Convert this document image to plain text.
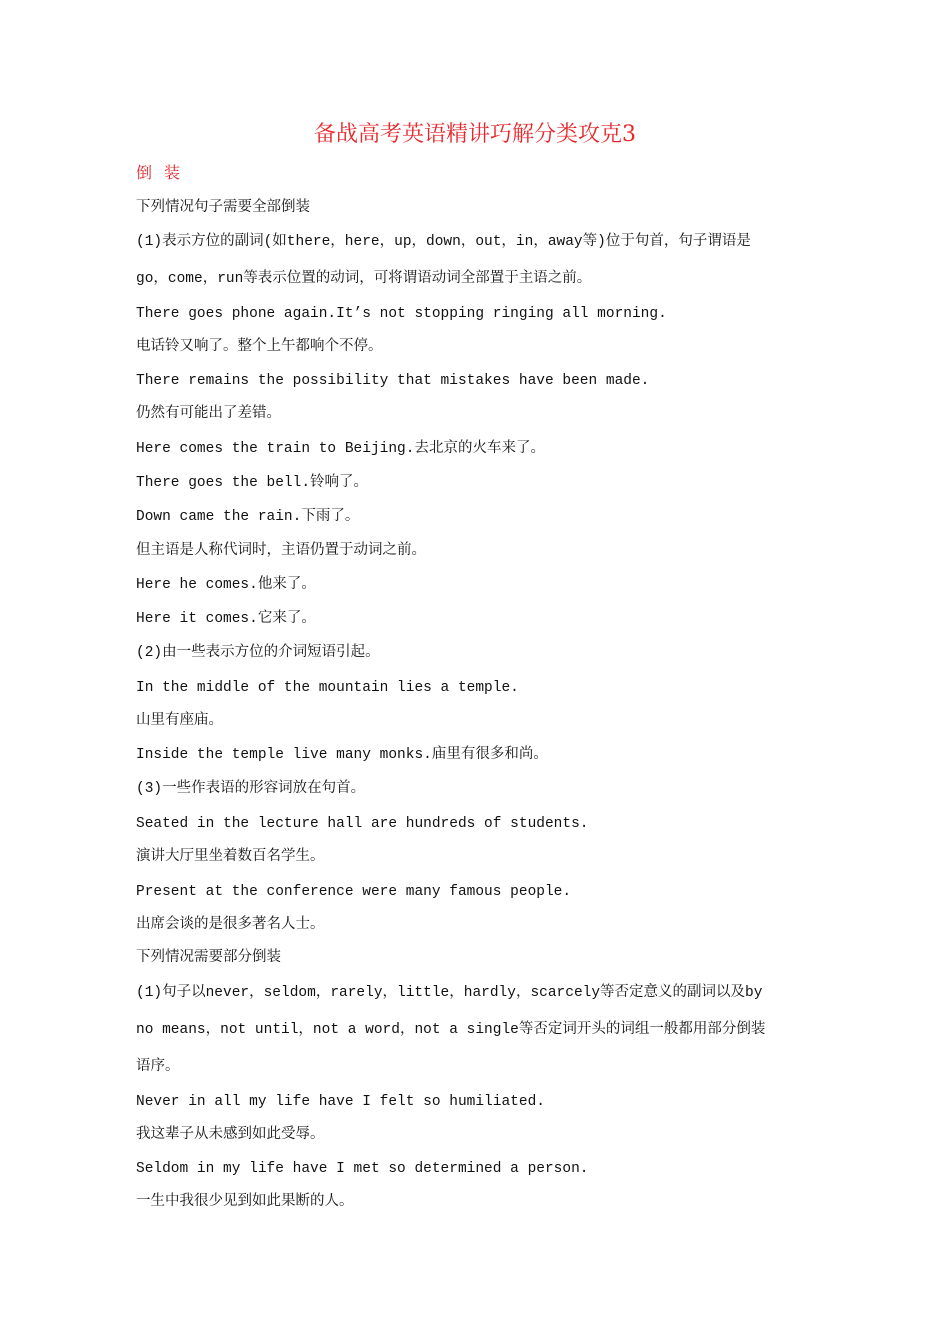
备战高考英语精讲巧解分类攻克3
倒装
下列情况句子需要全部倒装
(1)表示方位的副词(如there，here，up，down，out，in，away等)位于句首，句子谓语是
go，come，run等表示位置的动词，可将谓语动词全部置于主语之前。
There goes phone again.It’s not stopping ringing all morning.
电话铃又响了。整个上午都响个不停。
There remains the possibility that mistakes have been made.
仍然有可能出了差错。
Here comes the train to Beijing.去北京的火车来了。
There goes the bell.铃响了。
Down came the rain.下雨了。
但主语是人称代词时，主语仍置于动词之前。
Here he comes.他来了。
Here it comes.它来了。
(2)由一些表示方位的介词短语引起。
In the middle of the mountain lies a temple.
山里有座庙。
Inside the temple live many monks.庙里有很多和尚。
(3)一些作表语的形容词放在句首。
Seated in the lecture hall are hundreds of students.
演讲大厅里坐着数百名学生。
Present at the conference were many famous people.
出席会谈的是很多著名人士。
下列情况需要部分倒装
(1)句子以never，seldom，rarely，little，hardly，scarcely等否定意义的副词以及by
no means，not until，not a word，not a single等否定词开头的词组一般都用部分倒装
语序。
Never in all my life have I felt so humiliated.
我这辈子从未感到如此受辱。
Seldom in my life have I met so determined a person.
一生中我很少见到如此果断的人。
